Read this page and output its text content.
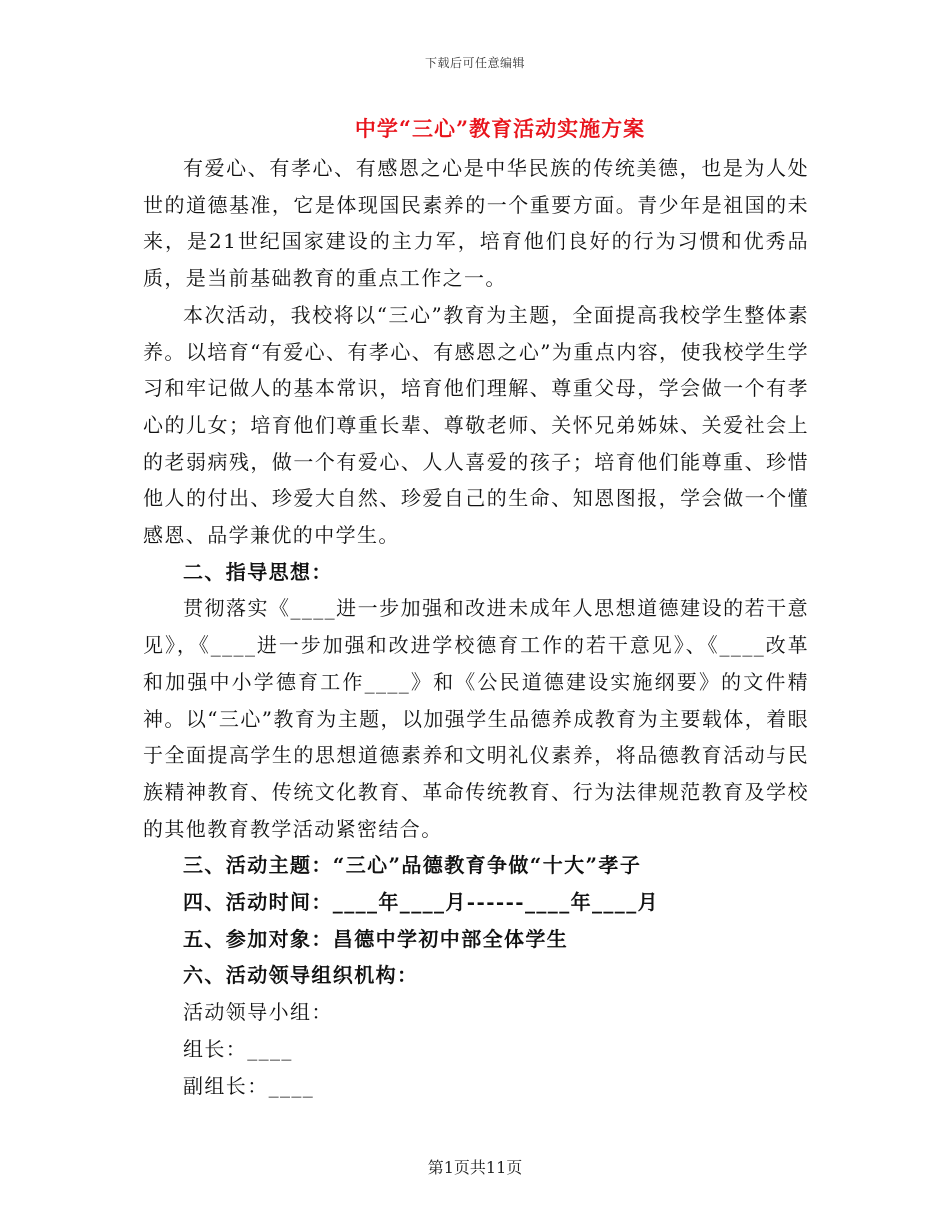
下载后可任意编辑
中学“三心”教育活动实施方案

有爱心、有孝心、有感恩之心是中华民族的传统美德，也是为人处世的道德基准，它是体现国民素养的一个重要方面。青少年是祖国的未来，是21世纪国家建设的主力军，培育他们良好的行为习惯和优秀品质，是当前基础教育的重点工作之一。

本次活动，我校将以“三心”教育为主题，全面提高我校学生整体素养。以培育“有爱心、有孝心、有感恩之心”为重点内容，使我校学生学习和牢记做人的基本常识，培育他们理解、尊重父母，学会做一个有孝心的儿女；培育他们尊重长辈、尊敬老师、关怀兄弟姊妹、关爱社会上的老弱病残，做一个有爱心、人人喜爱的孩子；培育他们能尊重、珍惜他人的付出、珍爱大自然、珍爱自己的生命、知恩图报，学会做一个懂感恩、品学兼优的中学生。

二、指导思想：

贯彻落实《____进一步加强和改进未成年人思想道德建设的若干意见》，《____进一步加强和改进学校德育工作的若干意见》、《____改革和加强中小学德育工作____》和《公民道德建设实施纲要》的文件精神。以“三心”教育为主题，以加强学生品德养成教育为主要载体，着眼于全面提高学生的思想道德素养和文明礼仪素养，将品德教育活动与民族精神教育、传统文化教育、革命传统教育、行为法律规范教育及学校的其他教育教学活动紧密结合。

三、活动主题：“三心”品德教育争做“十大”孝子

四、活动时间：____年____月------____年____月

五、参加对象：昌德中学初中部全体学生

六、活动领导组织机构：

活动领导小组：

组长：____

副组长：____

第1页共11页
